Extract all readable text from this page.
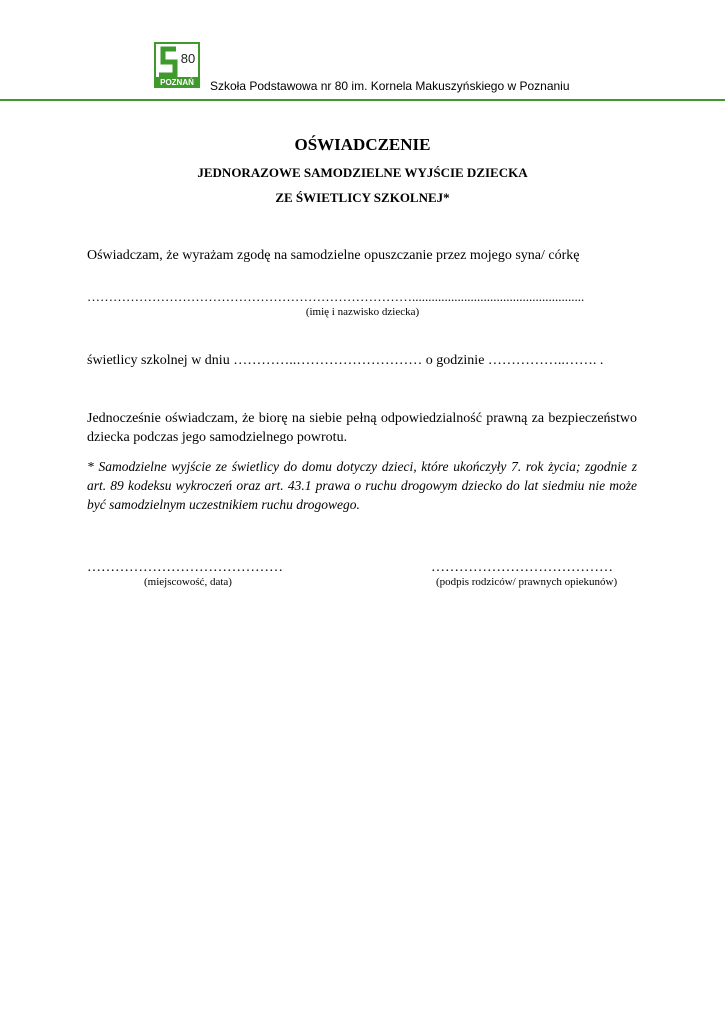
80
POZNAŃ Szkoła Podstawowa nr 80 im. Kornela Makuszyńskiego w Poznaniu
OŚWIADCZENIE
JEDNORAZOWE SAMODZIELNE WYJŚCIE DZIECKA
ZE ŚWIETLICY SZKOLNEJ*
Oświadczam, że wyrażam zgodę na samodzielne opuszczanie przez mojego syna/ córkę
………………………………………………………………….....................................................
(imię i nazwisko dziecka)
świetlicy szkolnej w dniu …………..……………………… o godzinie ……………..……. .
Jednocześnie oświadczam, że biorę na siebie pełną odpowiedzialność prawną za bezpieczeństwo dziecka podczas jego samodzielnego powrotu.
* Samodzielne wyjście ze świetlicy do domu dotyczy dzieci, które ukończyły 7. rok życia; zgodnie z art. 89 kodeksu wykroczeń oraz art. 43.1 prawa o ruchu drogowym dziecko do lat siedmiu nie może być samodzielnym uczestnikiem ruchu drogowego.
……………………………………
(miejscowość, data)
…………………………………
(podpis rodziców/ prawnych opiekunów)
